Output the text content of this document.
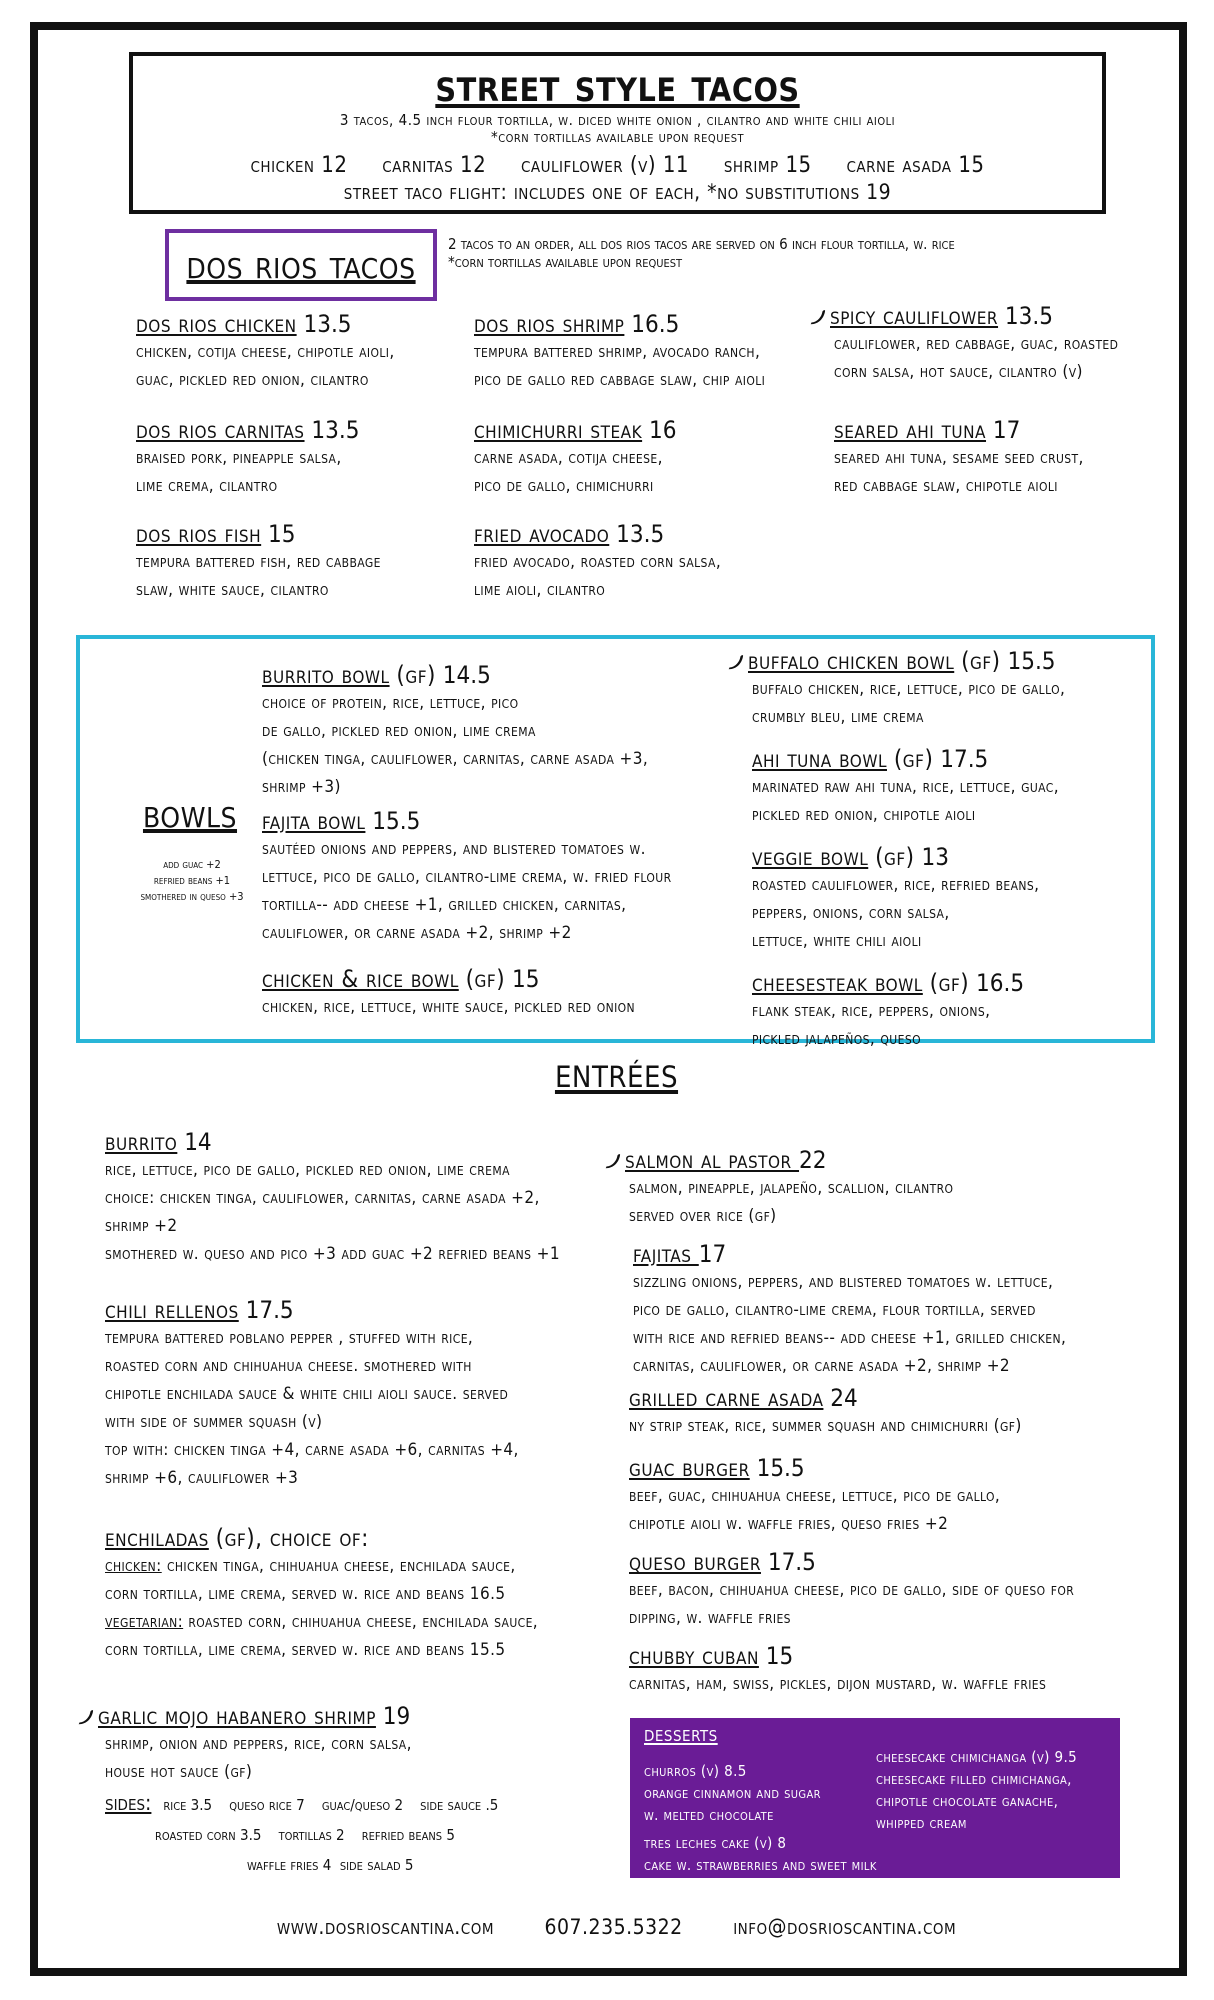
street style tacos
3 tacos, 4.5 inch flour tortilla, w. diced white onion , cilantro and white chili aioli
*corn tortillas available upon request
chicken 12 carnitas 12 cauliflower (v) 11 shrimp 15 carne asada 15
street taco flight: includes one of each, *no substitutions 19
dos rios tacos	2 tacos to an order, all dos rios tacos are served on 6 inch flour tortilla, w. rice
*corn tortillas available upon request
dos rios chicken 13.5
chicken, cotija cheese, chipotle aioli,
guac, pickled red onion, cilantro
dos rios carnitas 13.5
braised pork, pineapple salsa,
lime crema, cilantro
dos rios fish 15
tempura battered fish, red cabbage
slaw, white sauce, cilantro
dos rios shrimp 16.5
tempura battered shrimp, avocado ranch,
pico de gallo red cabbage slaw, chip aioli
chimichurri steak 16
carne asada, cotija cheese,
pico de gallo, chimichurri
fried avocado 13.5
fried avocado, roasted corn salsa,
lime aioli, cilantro
spicy cauliflower 13.5
cauliflower, red cabbage, guac, roasted
corn salsa, hot sauce, cilantro (v)
seared ahi tuna 17
seared ahi tuna, sesame seed crust,
red cabbage slaw, chipotle aioli
bowls
add guac +2
refried beans +1
smothered in queso +3
burrito bowl (gf) 14.5
choice of protein, rice, lettuce, pico
de gallo, pickled red onion, lime crema
(chicken tinga, cauliflower, carnitas, carne asada +3,
shrimp +3)
fajita bowl 15.5
sautéed onions and peppers, and blistered tomatoes w.
lettuce, pico de gallo, cilantro-lime crema, w. fried flour
tortilla-- add cheese +1, grilled chicken, carnitas,
cauliflower, or carne asada +2, shrimp +2
chicken & rice bowl (gf) 15
chicken, rice, lettuce, white sauce, pickled red onion
buffalo chicken bowl (gf) 15.5
buffalo chicken, rice, lettuce, pico de gallo,
crumbly bleu, lime crema
ahi tuna bowl (gf) 17.5
marinated raw ahi tuna, rice, lettuce, guac,
pickled red onion, chipotle aioli
veggie bowl (gf) 13
roasted cauliflower, rice, refried beans,
peppers, onions, corn salsa,
lettuce, white chili aioli
cheesesteak bowl (gf) 16.5
flank steak, rice, peppers, onions,
pickled jalapeños, queso
entrées
burrito 14
rice, lettuce, pico de gallo, pickled red onion, lime crema
choice: chicken tinga, cauliflower, carnitas, carne asada +2,
shrimp +2
smothered w. queso and pico +3 add guac +2 refried beans +1
chili rellenos 17.5
tempura battered poblano pepper , stuffed with rice,
roasted corn and chihuahua cheese. smothered with
chipotle enchilada sauce & white chili aioli sauce. served
with side of summer squash (v)
top with: chicken tinga +4, carne asada +6, carnitas +4,
shrimp +6, cauliflower +3
enchiladas (gf), choice of:
chicken: chicken tinga, chihuahua cheese, enchilada sauce,
corn tortilla, lime crema, served w. rice and beans 16.5
vegetarian: roasted corn, chihuahua cheese, enchilada sauce,
corn tortilla, lime crema, served w. rice and beans 15.5
garlic mojo habanero shrimp 19
shrimp, onion and peppers, rice, corn salsa,
house hot sauce (gf)
sides: rice 3.5    queso rice 7    guac/queso 2    side sauce .5
roasted corn 3.5    tortillas 2    refried beans 5
waffle fries 4  side salad 5
salmon al pastor 22
salmon, pineapple, jalapeño, scallion, cilantro
served over rice (gf)
fajitas 17
sizzling onions, peppers, and blistered tomatoes w. lettuce,
pico de gallo, cilantro-lime crema, flour tortilla, served
with rice and refried beans-- add cheese +1, grilled chicken,
carnitas, cauliflower, or carne asada +2, shrimp +2
grilled carne asada 24
ny strip steak, rice, summer squash and chimichurri (gf)
guac burger 15.5
beef, guac, chihuahua cheese, lettuce, pico de gallo,
chipotle aioli w. waffle fries, queso fries +2
queso burger 17.5
beef, bacon, chihuahua cheese, pico de gallo, side of queso for
dipping, w. waffle fries
chubby cuban 15
carnitas, ham, swiss, pickles, dijon mustard, w. waffle fries
desserts
churros (v) 8.5
orange cinnamon and sugar
w. melted chocolate
tres leches cake (v) 8
cake w. strawberries and sweet milk
cheesecake chimichanga (v) 9.5
cheesecake filled chimichanga,
chipotle chocolate ganache,
whipped cream
www.dosrioscantina.com 607.235.5322 info@dosrioscantina.com
